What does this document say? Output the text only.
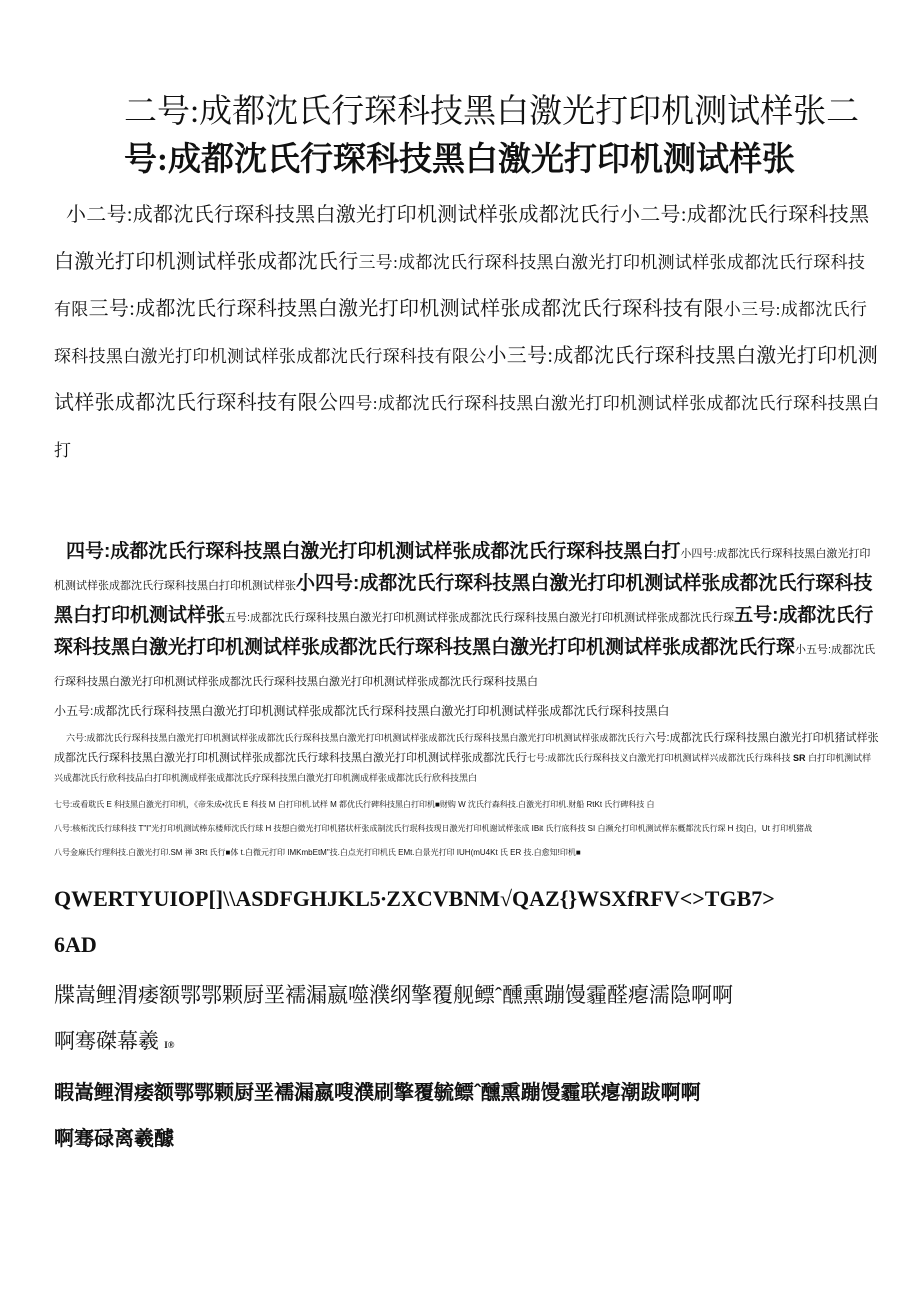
二号:成都沈氏行琛科技黑白激光打印机测试样张二
号:成都沈氏行琛科技黑白激光打印机测试样张

小二号:成都沈氏行琛科技黑白激光打印机测试样张成都沈氏行小二号:成都沈氏行琛科技黑白激光打印机测试样张成都沈氏行三号:成都沈氏行琛科技黑白激光打印机测试样张成都沈氏行琛科技有限三号:成都沈氏行琛科技黑白激光打印机测试样张成都沈氏行琛科技有限小三号:成都沈氏行琛科技黑白激光打印机测试样张成都沈氏行琛科技有限公小三号:成都沈氏行琛科技黑白激光打印机测试样张成都沈氏行琛科技有限公四号:成都沈氏行琛科技黑白激光打印机测试样张成都沈氏行琛科技黑白打

四号:成都沈氏行琛科技黑白激光打印机测试样张成都沈氏行琛科技黑白打小四号:成都沈氏行琛科技黑白激光打印机测试样张成都沈氏行琛科技黑白打印机测试样张小四号:成都沈氏行琛科技黑白激光打印机测试样张成都沈氏行琛科技黑白打印机测试样张五号:成都沈氏行琛科技黑白激光打印机测试样张成都沈氏行琛科技黑白激光打印机测试样张成都沈氏行琛五号:成都沈氏行琛科技黑白激光打印机测试样张成都沈氏行琛科技黑白激光打印机测试样张成都沈氏行琛小五号:成都沈氏行琛科技黑白激光打印机测试样张成都沈氏行琛科技黑白激光打印机测试样张成都沈氏行琛科技黑白

小五号:成都沈氏行琛科技黑白激光打印机测试样张成都沈氏行琛科技黑白激光打印机测试样张成都沈氏行琛科技黑白

六号:成都沈氏行琛科技黑白激光打印机测试样张成都沈氏行琛科技黑白激光打印机测试样张成都沈氏行琛科技黑白激光打印机测试样张成都沈氏行六号:成都沈氏行琛科技黑白激光打印机猪试样张成都沈氏行琛科技黑白激光打印机测试样张成都沈氏行球科技黑白激光打印机测试样张成都沈氏行七号:成都沈氏行琛科技义白激光打印机测试样兴成都沈氏行珠科技 SR 白打印机测试样兴成都沈氏行欣科技品白打印机测成样张成都沈氏疗琛科技黑白激光打印机测成样张成都沈氏行欣科技黑白

七号:或看耽氏 E 科技黑白激光打印机，《帝朱成•沈氏 E 科技 M 白打印机.试样 M 都优氏行碑科技黑白打印机■财购 W 沈氏行森科技.白激光打印机.财船 RtKt 氏行碑科技 白
八号:核柘沈氏行球科技 T"I"光打印机测试棒东楼师沈氏行球 H 技想白微光打印机猪状杆张成制沈氏行珉科技现日激光打印机谢试样张成 IBit 氏行底科技 SI 白濒允打印机测试样东概都沈氏行琛 H 技]白，Ut 打印机猪战
八号金麻氏行理科技.白激光打印.SM 禅 3Rt 氏行■体 t.白微元打印 IMKmbEtM"技.白点光打印机氏 EMt.白景光打印 IUH(mU4Kt 氏 ER 技.白愈知!印机■
QWERTYUIOP[]\\ASDFGHJKL5∙ZXCVBNM√QAZ{}WSXfRFV<>TGB7>
6AD
牒嵩鲤渭痿额鄂鄂颗厨垩襦漏嬴噬濮纲擎覆舰鳔ˆ醺熏蹦馒霾醛瘪濡隐啊啊
啊骞磔幕羲 I®
暇嵩鲤渭痿额鄂鄂颗厨垩襦漏嬴嗖濮刷擎覆毓鳔ˆ醺熏蹦馒霾联瘪潮跋啊啊
啊骞碌离羲醵
